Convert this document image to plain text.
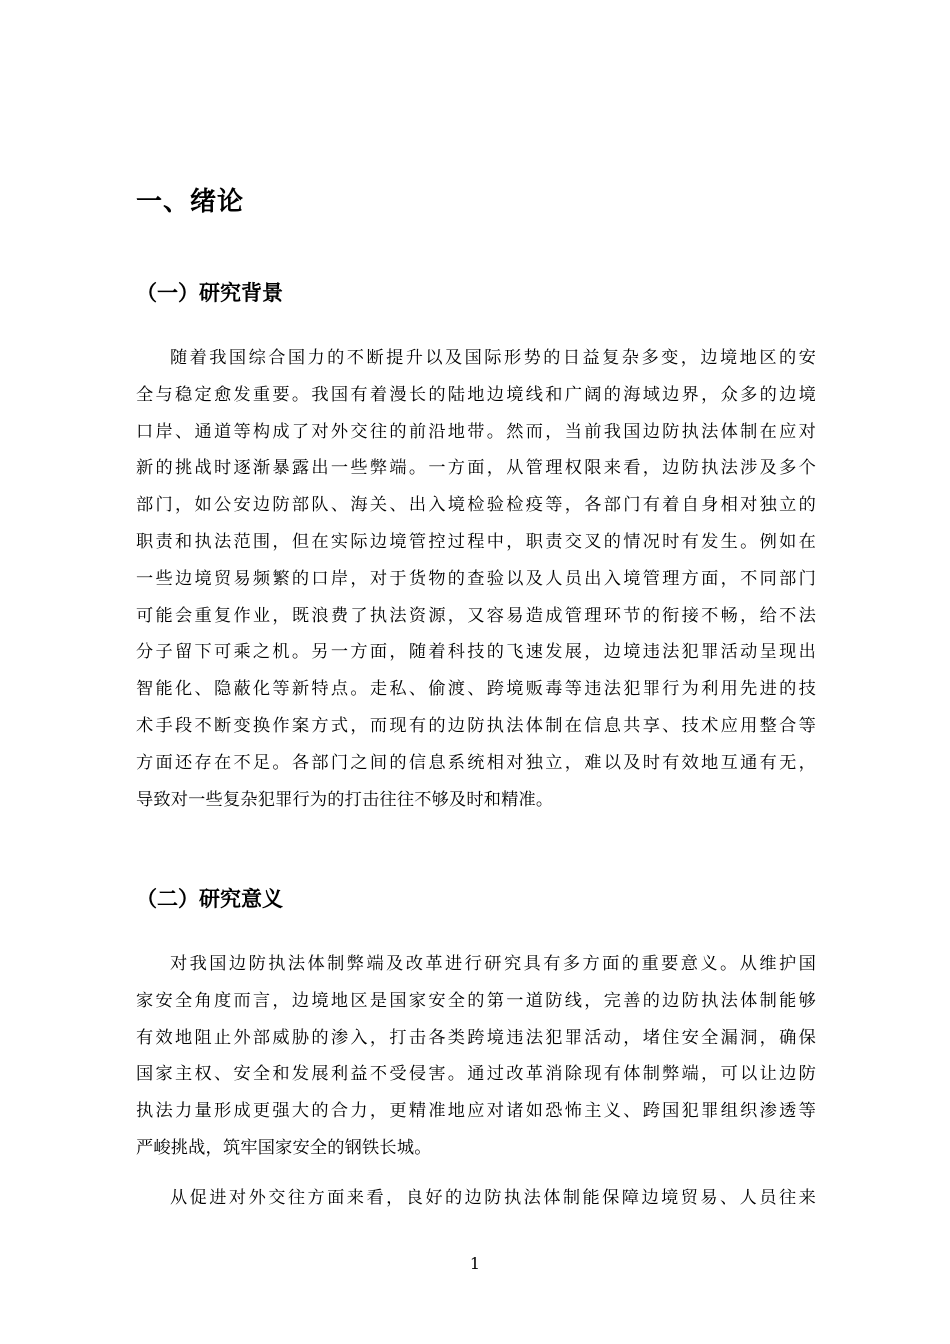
一、绪论
（一）研究背景
随着我国综合国力的不断提升以及国际形势的日益复杂多变，边境地区的安
全与稳定愈发重要。我国有着漫长的陆地边境线和广阔的海域边界，众多的边境
口岸、通道等构成了对外交往的前沿地带。然而，当前我国边防执法体制在应对
新的挑战时逐渐暴露出一些弊端。一方面，从管理权限来看，边防执法涉及多个
部门，如公安边防部队、海关、出入境检验检疫等，各部门有着自身相对独立的
职责和执法范围，但在实际边境管控过程中，职责交叉的情况时有发生。例如在
一些边境贸易频繁的口岸，对于货物的查验以及人员出入境管理方面，不同部门
可能会重复作业，既浪费了执法资源，又容易造成管理环节的衔接不畅，给不法
分子留下可乘之机。另一方面，随着科技的飞速发展，边境违法犯罪活动呈现出
智能化、隐蔽化等新特点。走私、偷渡、跨境贩毒等违法犯罪行为利用先进的技
术手段不断变换作案方式，而现有的边防执法体制在信息共享、技术应用整合等
方面还存在不足。各部门之间的信息系统相对独立，难以及时有效地互通有无，
导致对一些复杂犯罪行为的打击往往不够及时和精准。
（二）研究意义
对我国边防执法体制弊端及改革进行研究具有多方面的重要意义。从维护国
家安全角度而言，边境地区是国家安全的第一道防线，完善的边防执法体制能够
有效地阻止外部威胁的渗入，打击各类跨境违法犯罪活动，堵住安全漏洞，确保
国家主权、安全和发展利益不受侵害。通过改革消除现有体制弊端，可以让边防
执法力量形成更强大的合力，更精准地应对诸如恐怖主义、跨国犯罪组织渗透等
严峻挑战，筑牢国家安全的钢铁长城。
从促进对外交往方面来看，良好的边防执法体制能保障边境贸易、人员往来
1
